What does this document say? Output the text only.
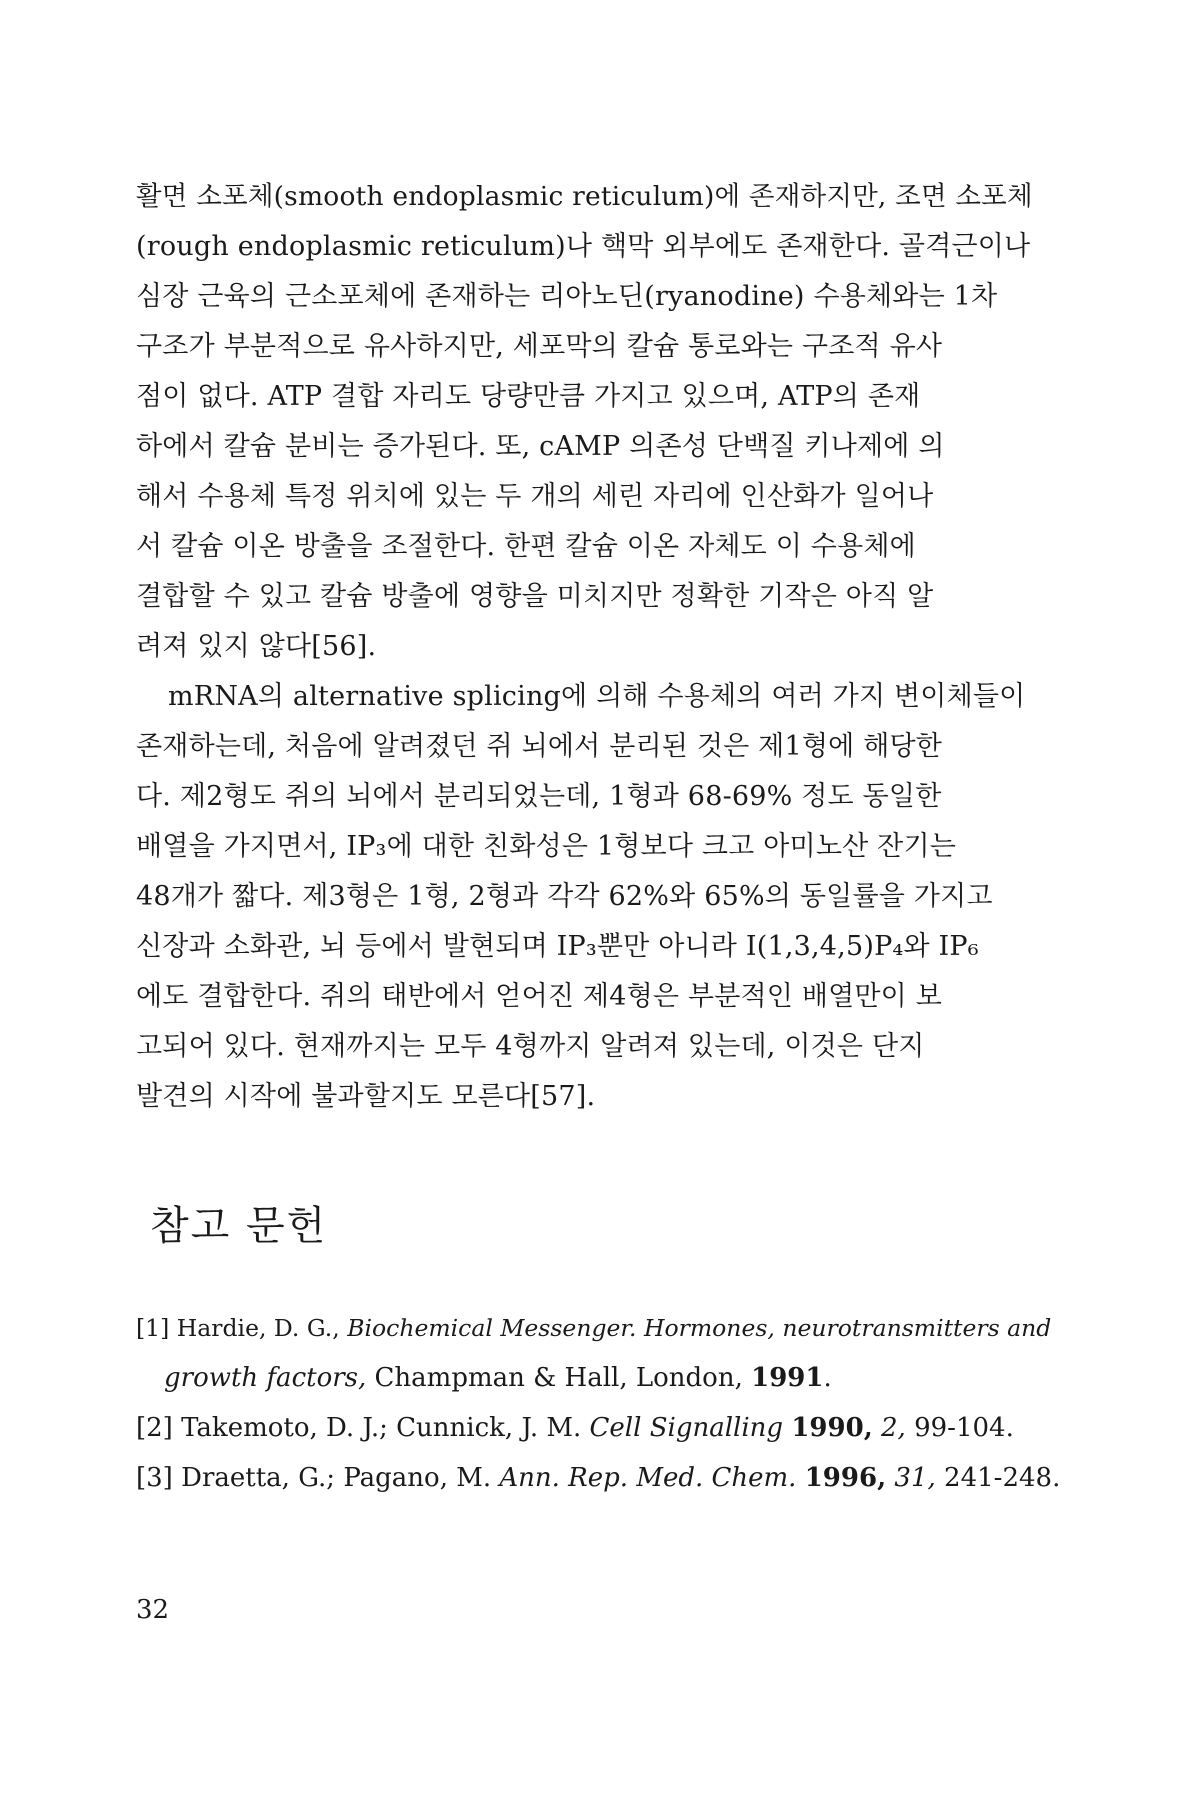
활면 소포체(smooth endoplasmic reticulum)에 존재하지만, 조면 소포체
(rough endoplasmic reticulum)나 핵막 외부에도 존재한다. 골격근이나
심장 근육의 근소포체에 존재하는 리아노딘(ryanodine) 수용체와는 1차
구조가 부분적으로 유사하지만, 세포막의 칼슘 통로와는 구조적 유사
점이 없다. ATP 결합 자리도 당량만큼 가지고 있으며, ATP의 존재
하에서 칼슘 분비는 증가된다. 또, cAMP 의존성 단백질 키나제에 의
해서 수용체 특정 위치에 있는 두 개의 세린 자리에 인산화가 일어나
서 칼슘 이온 방출을 조절한다. 한편 칼슘 이온 자체도 이 수용체에
결합할 수 있고 칼슘 방출에 영향을 미치지만 정확한 기작은 아직 알
려져 있지 않다[56].
mRNA의 alternative splicing에 의해 수용체의 여러 가지 변이체들이
존재하는데, 처음에 알려졌던 쥐 뇌에서 분리된 것은 제1형에 해당한
다. 제2형도 쥐의 뇌에서 분리되었는데, 1형과 68-69% 정도 동일한
배열을 가지면서, IP₃에 대한 친화성은 1형보다 크고 아미노산 잔기는
48개가 짧다. 제3형은 1형, 2형과 각각 62%와 65%의 동일률을 가지고
신장과 소화관, 뇌 등에서 발현되며 IP₃뿐만 아니라 I(1,3,4,5)P₄와 IP₆
에도 결합한다. 쥐의 태반에서 얻어진 제4형은 부분적인 배열만이 보
고되어 있다. 현재까지는 모두 4형까지 알려져 있는데, 이것은 단지
발견의 시작에 불과할지도 모른다[57].
참고 문헌
[1] Hardie, D. G., Biochemical Messenger. Hormones, neurotransmitters and
growth factors, Champman & Hall, London, 1991.
[2] Takemoto, D. J.; Cunnick, J. M. Cell Signalling 1990, 2, 99-104.
[3] Draetta, G.; Pagano, M. Ann. Rep. Med. Chem. 1996, 31, 241-248.
32
